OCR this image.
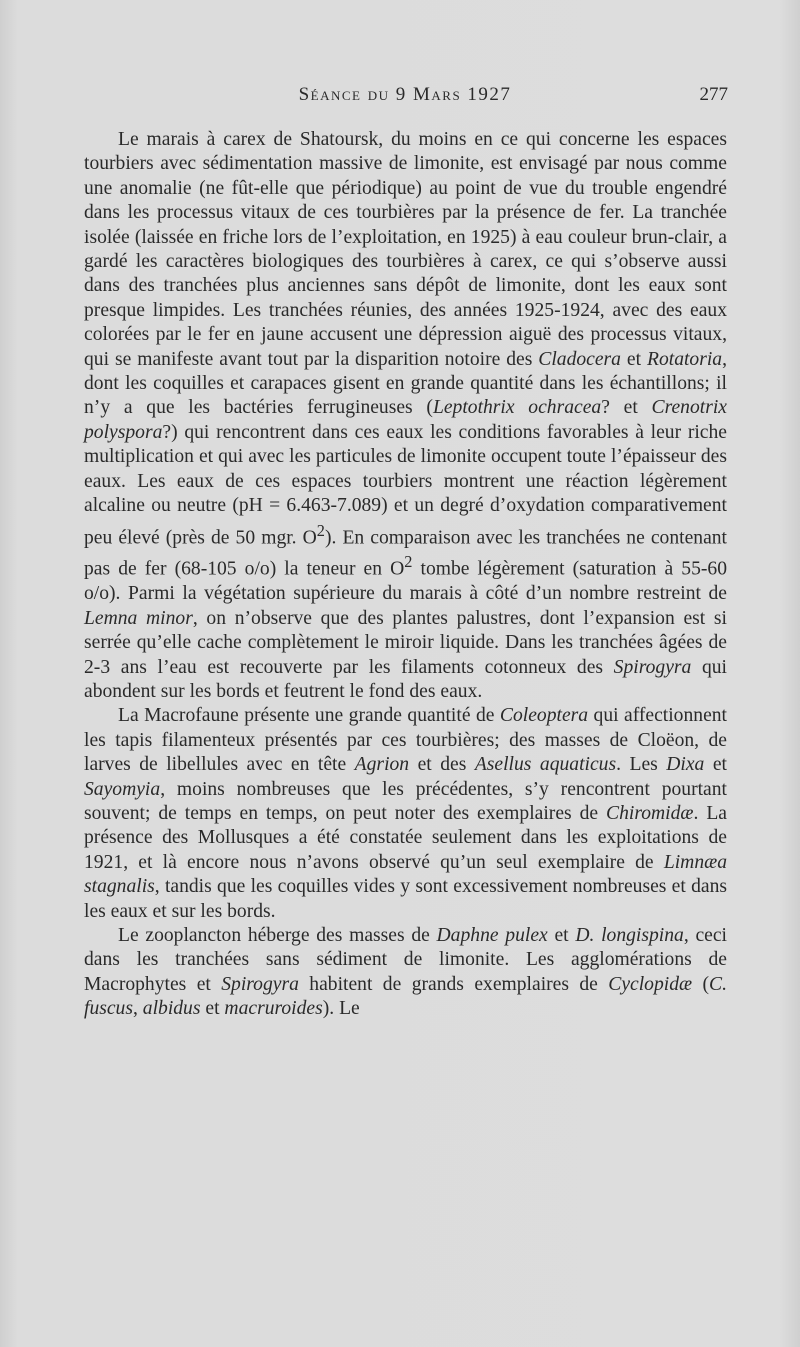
Séance du 9 Mars 1927	277

Le marais à carex de Shatoursk, du moins en ce qui concerne les espaces tourbiers avec sédimentation massive de limonite, est envisagé par nous comme une anomalie (ne fût-elle que périodique) au point de vue du trouble engendré dans les processus vitaux de ces tourbières par la présence de fer. La tranchée isolée (laissée en friche lors de l’exploitation, en 1925) à eau couleur brun-clair, a gardé les caractères biologiques des tourbières à carex, ce qui s’observe aussi dans des tranchées plus anciennes sans dépôt de limonite, dont les eaux sont presque limpides. Les tranchées réunies, des années 1925-1924, avec des eaux colorées par le fer en jaune accusent une dépression aiguë des processus vitaux, qui se manifeste avant tout par la disparition notoire des Cladocera et Rotatoria, dont les coquilles et carapaces gisent en grande quantité dans les échantillons; il n’y a que les bactéries ferrugineuses (Leptothrix ochracea? et Crenotrix polyspora?) qui rencontrent dans ces eaux les conditions favorables à leur riche multiplication et qui avec les particules de limonite occupent toute l’épaisseur des eaux. Les eaux de ces espaces tourbiers montrent une réaction légèrement alcaline ou neutre (pH = 6.463-7.089) et un degré d’oxydation comparativement peu élevé (près de 50 mgr. $O^2$). En comparaison avec les tranchées ne contenant pas de fer (68-105 o/o) la teneur en $O^2$ tombe légèrement (saturation à 55-60 o/o). Parmi la végétation supérieure du marais à côté d’un nombre restreint de Lemna minor, on n’observe que des plantes palustres, dont l’expansion est si serrée qu’elle cache complètement le miroir liquide. Dans les tranchées âgées de 2-3 ans l’eau est recouverte par les filaments cotonneux des Spirogyra qui abondent sur les bords et feutrent le fond des eaux.

La Macrofaune présente une grande quantité de Coleoptera qui affectionnent les tapis filamenteux présentés par ces tourbières; des masses de Cloëon, de larves de libellules avec en tête Agrion et des Asellus aquaticus. Les Dixa et Sayomyia, moins nombreuses que les précédentes, s’y rencontrent pourtant souvent; de temps en temps, on peut noter des exemplaires de Chiromidæ. La présence des Mollusques a été constatée seulement dans les exploitations de 1921, et là encore nous n’avons observé qu’un seul exemplaire de Limnæa stagnalis, tandis que les coquilles vides y sont excessivement nombreuses et dans les eaux et sur les bords.

Le zooplancton héberge des masses de Daphne pulex et D. longispina, ceci dans les tranchées sans sédiment de limonite. Les agglomérations de Macrophytes et Spirogyra habitent de grands exemplaires de Cyclopidæ (C. fuscus, albidus et macruroides). Le
